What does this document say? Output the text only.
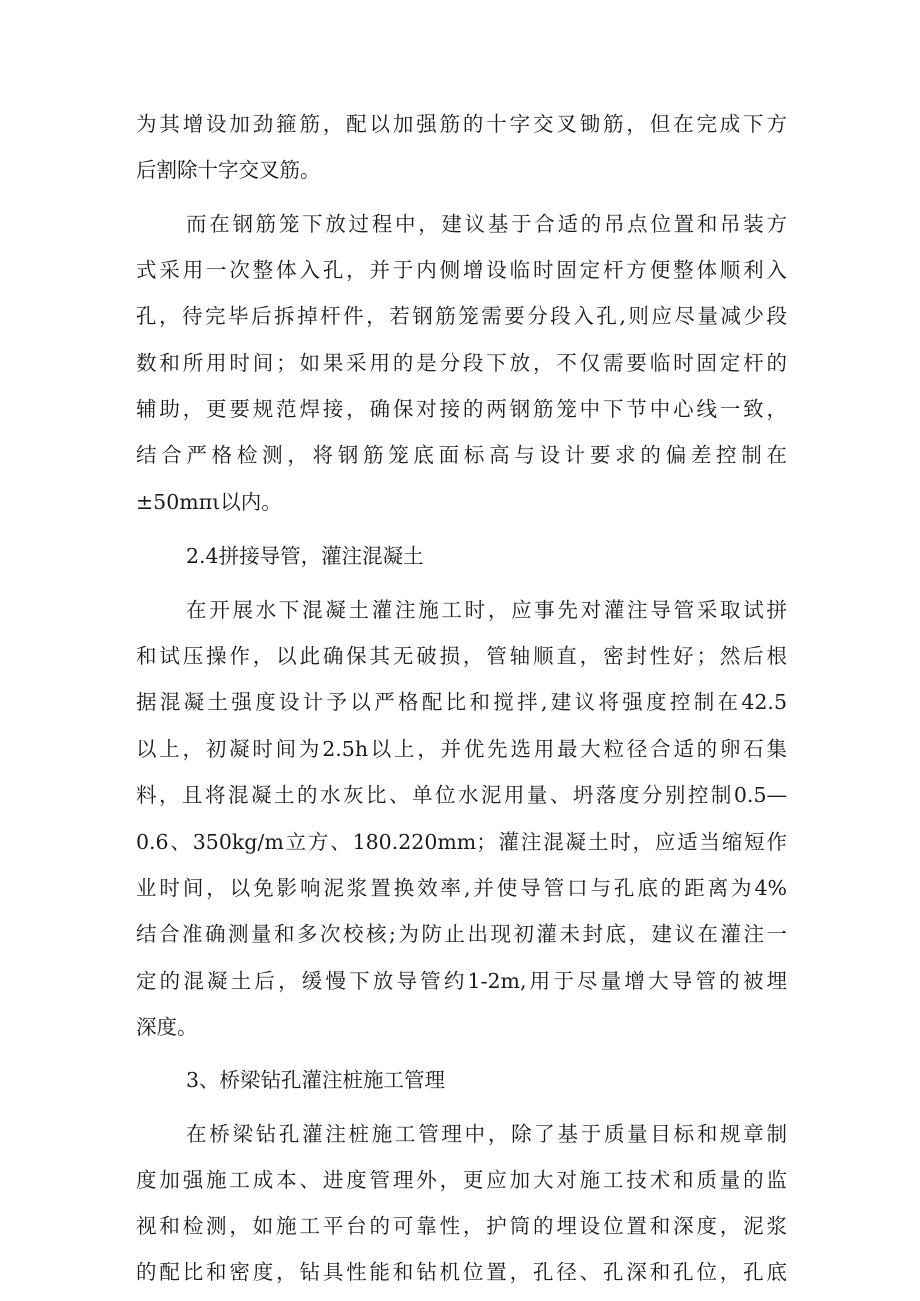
为其增设加劲箍筋，配以加强筋的十字交叉锄筋，但在完成下方
后割除十字交叉筋。
而在钢筋笼下放过程中，建议基于合适的吊点位置和吊装方
式采用一次整体入孔，并于内侧增设临时固定杆方便整体顺利入
孔，待完毕后拆掉杆件，若钢筋笼需要分段入孔,则应尽量减少段
数和所用时间；如果采用的是分段下放，不仅需要临时固定杆的
辅助，更要规范焊接，确保对接的两钢筋笼中下节中心线一致，
结合严格检测，将钢筋笼底面标高与设计要求的偏差控制在
±50mπι以内。
2.4拼接导管，灌注混凝土
在开展水下混凝土灌注施工时，应事先对灌注导管采取试拼
和试压操作，以此确保其无破损，管轴顺直，密封性好；然后根
据混凝土强度设计予以严格配比和搅拌,建议将强度控制在42.5
以上，初凝时间为2.5h以上，并优先选用最大粒径合适的卵石集
料，且将混凝土的水灰比、单位水泥用量、坍落度分别控制0.5—
0.6、350kg/m立方、180.220mm；灌注混凝土时，应适当缩短作
业时间，以免影响泥浆置换效率,并使导管口与孔底的距离为4%
结合准确测量和多次校核;为防止出现初灌未封底，建议在灌注一
定的混凝土后，缓慢下放导管约1-2m,用于尽量增大导管的被埋
深度。
3、桥梁钻孔灌注桩施工管理
在桥梁钻孔灌注桩施工管理中，除了基于质量目标和规章制
度加强施工成本、进度管理外，更应加大对施工技术和质量的监
视和检测，如施工平台的可靠性，护筒的埋设位置和深度，泥浆
的配比和密度，钻具性能和钻机位置，孔径、孔深和孔位，孔底
